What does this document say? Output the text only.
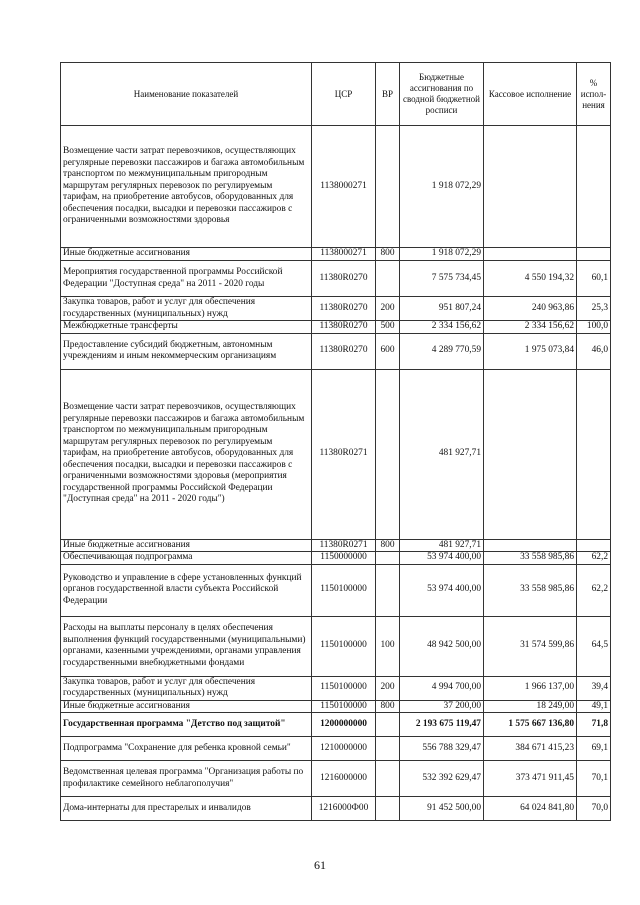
Наименование показателей	ЦСР	ВР	Бюджетные ассигнования по сводной бюджетной росписи	Кассовое исполнение	% испол-нения
Возмещение части затрат перевозчиков, осуществляющих регулярные перевозки пассажиров и багажа автомобильным транспортом по межмуниципальным пригородным маршрутам регулярных перевозок по регулируемым тарифам, на приобретение автобусов, оборудованных для обеспечения посадки, высадки и перевозки пассажиров с ограниченными возможностями здоровья	1138000271		1 918 072,29		
Иные бюджетные ассигнования	1138000271	800	1 918 072,29		
Мероприятия государственной программы Российской Федерации "Доступная среда" на 2011 - 2020 годы	11380R0270		7 575 734,45	4 550 194,32	60,1
Закупка товаров, работ и услуг для обеспечения государственных (муниципальных) нужд	11380R0270	200	951 807,24	240 963,86	25,3
Межбюджетные трансферты	11380R0270	500	2 334 156,62	2 334 156,62	100,0
Предоставление субсидий бюджетным, автономным учреждениям и иным некоммерческим организациям	11380R0270	600	4 289 770,59	1 975 073,84	46,0
Возмещение части затрат перевозчиков, осуществляющих регулярные перевозки пассажиров и багажа автомобильным транспортом по межмуниципальным пригородным маршрутам регулярных перевозок по регулируемым тарифам, на приобретение автобусов, оборудованных для обеспечения посадки, высадки и перевозки пассажиров с ограниченными возможностями здоровья (мероприятия государственной программы Российской Федерации "Доступная среда" на 2011 - 2020 годы")	11380R0271		481 927,71		
Иные бюджетные ассигнования	11380R0271	800	481 927,71		
Обеспечивающая подпрограмма	1150000000		53 974 400,00	33 558 985,86	62,2
Руководство и управление в сфере установленных функций органов государственной власти субъекта Российской Федерации	1150100000		53 974 400,00	33 558 985,86	62,2
Расходы на выплаты персоналу в целях обеспечения выполнения функций государственными (муниципальными) органами, казенными учреждениями, органами управления государственными внебюджетными фондами	1150100000	100	48 942 500,00	31 574 599,86	64,5
Закупка товаров, работ и услуг для обеспечения государственных (муниципальных) нужд	1150100000	200	4 994 700,00	1 966 137,00	39,4
Иные бюджетные ассигнования	1150100000	800	37 200,00	18 249,00	49,1
Государственная программа "Детство под защитой"	1200000000		2 193 675 119,47	1 575 667 136,80	71,8
Подпрограмма "Сохранение для ребенка кровной семьи"	1210000000		556 788 329,47	384 671 415,23	69,1
Ведомственная целевая программа "Организация работы по профилактике семейного неблагополучия"	1216000000		532 392 629,47	373 471 911,45	70,1
Дома-интернаты для престарелых и инвалидов	1216000Ф00		91 452 500,00	64 024 841,80	70,0
61
